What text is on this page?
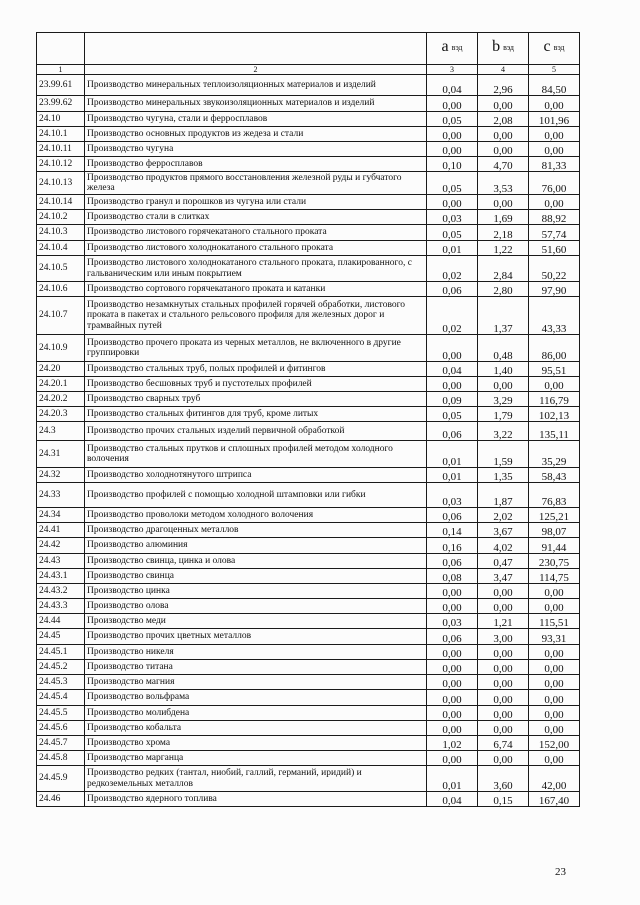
		a $_{вэд}$	b $_{вэд}$	c $_{вэд}$
1	2	3	4	5
23.99.61	Производство минеральных теплоизоляционных материалов и изделий	0,04	2,96	84,50
23.99.62	Производство минеральных звукоизоляционных материалов и изделий	0,00	0,00	0,00
24.10	Производство чугуна, стали и ферросплавов	0,05	2,08	101,96
24.10.1	Производство основных продуктов из жедеза и стали	0,00	0,00	0,00
24.10.11	Производство чугуна	0,00	0,00	0,00
24.10.12	Производство ферросплавов	0,10	4,70	81,33
24.10.13	Производство продуктов прямого восстановления железной руды и губчатого железа	0,05	3,53	76,00
24.10.14	Производство гранул и порошков из чугуна или стали	0,00	0,00	0,00
24.10.2	Производство стали в слитках	0,03	1,69	88,92
24.10.3	Производство листового горячекатаного стального проката	0,05	2,18	57,74
24.10.4	Производство листового холоднокатаного стального проката	0,01	1,22	51,60
24.10.5	Производство листового холоднокатаного стального проката, плакированного, с гальваническим или иным покрытием	0,02	2,84	50,22
24.10.6	Производство сортового горячекатаного проката и катанки	0,06	2,80	97,90
24.10.7	Производство незамкнутых стальных профилей горячей обработки, листового проката в пакетах и стального рельсового профиля для железных дорог и трамвайных путей	0,02	1,37	43,33
24.10.9	Производство прочего проката из черных металлов, не включенного в другие группировки	0,00	0,48	86,00
24.20	Производство стальных труб, полых профилей и фитингов	0,04	1,40	95,51
24.20.1	Производство бесшовных труб и пустотелых профилей	0,00	0,00	0,00
24.20.2	Производство сварных труб	0,09	3,29	116,79
24.20.3	Производство стальных фитингов для труб, кроме литых	0,05	1,79	102,13
24.3	Производство прочих стальных изделий первичной обработкой	0,06	3,22	135,11
24.31	Производство стальных прутков и сплошных профилей методом холодного волочения	0,01	1,59	35,29
24.32	Производство холоднотянутого штрипса	0,01	1,35	58,43
24.33	Производство профилей с помощью холодной штамповки или гибки	0,03	1,87	76,83
24.34	Производство проволоки методом холодного волочения	0,06	2,02	125,21
24.41	Производство драгоценных металлов	0,14	3,67	98,07
24.42	Производство алюминия	0,16	4,02	91,44
24.43	Производство свинца, цинка и олова	0,06	0,47	230,75
24.43.1	Производство свинца	0,08	3,47	114,75
24.43.2	Производство цинка	0,00	0,00	0,00
24.43.3	Производство олова	0,00	0,00	0,00
24.44	Производство меди	0,03	1,21	115,51
24.45	Производство прочих цветных металлов	0,06	3,00	93,31
24.45.1	Производство никеля	0,00	0,00	0,00
24.45.2	Производство титана	0,00	0,00	0,00
24.45.3	Производство магния	0,00	0,00	0,00
24.45.4	Производство вольфрама	0,00	0,00	0,00
24.45.5	Производство молибдена	0,00	0,00	0,00
24.45.6	Производство кобальта	0,00	0,00	0,00
24.45.7	Производство хрома	1,02	6,74	152,00
24.45.8	Производство марганца	0,00	0,00	0,00
24.45.9	Производство редких (тантал, ниобий, галлий, германий, иридий) и редкоземельных металлов	0,01	3,60	42,00
24.46	Производство ядерного топлива	0,04	0,15	167,40
23
